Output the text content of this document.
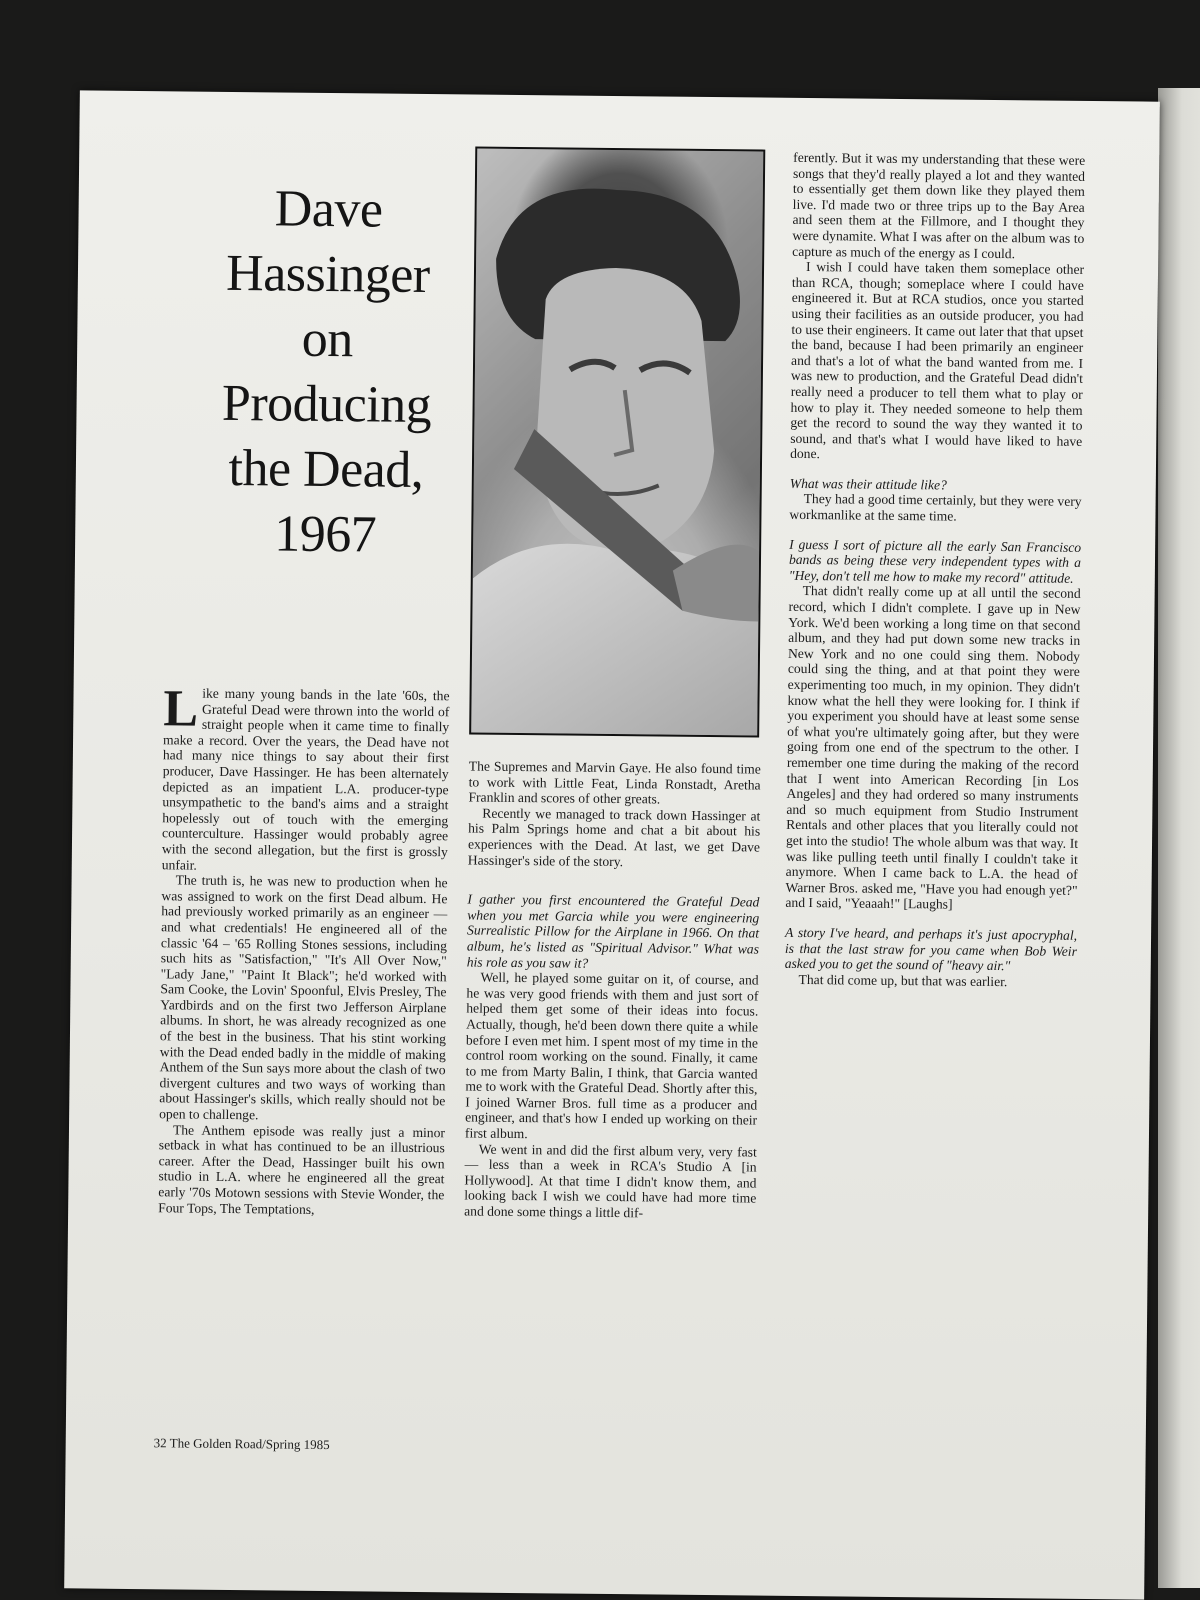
Dave
Hassinger
on
Producing
the Dead,
1967

Like many young bands in the late '60s, the Grateful Dead were thrown into the world of straight people when it came time to finally make a record. Over the years, the Dead have not had many nice things to say about their first producer, Dave Hassinger. He has been alternately depicted as an impatient L.A. producer-type unsympathetic to the band's aims and a straight hopelessly out of touch with the emerging counterculture. Hassinger would probably agree with the second allegation, but the first is grossly unfair.

The truth is, he was new to production when he was assigned to work on the first Dead album. He had previously worked primarily as an engineer — and what credentials! He engineered all of the classic '64 – '65 Rolling Stones sessions, including such hits as "Satisfaction," "It's All Over Now," "Lady Jane," "Paint It Black"; he'd worked with Sam Cooke, the Lovin' Spoonful, Elvis Presley, The Yardbirds and on the first two Jefferson Airplane albums. In short, he was already recognized as one of the best in the business. That his stint working with the Dead ended badly in the middle of making Anthem of the Sun says more about the clash of two divergent cultures and two ways of working than about Hassinger's skills, which really should not be open to challenge.

The Anthem episode was really just a minor setback in what has continued to be an illustrious career. After the Dead, Hassinger built his own studio in L.A. where he engineered all the great early '70s Motown sessions with Stevie Wonder, the Four Tops, The Temptations,

The Supremes and Marvin Gaye. He also found time to work with Little Feat, Linda Ronstadt, Aretha Franklin and scores of other greats.

Recently we managed to track down Hassinger at his Palm Springs home and chat a bit about his experiences with the Dead. At last, we get Dave Hassinger's side of the story.

I gather you first encountered the Grateful Dead when you met Garcia while you were engineering Surrealistic Pillow for the Airplane in 1966. On that album, he's listed as "Spiritual Advisor." What was his role as you saw it?

Well, he played some guitar on it, of course, and he was very good friends with them and just sort of helped them get some of their ideas into focus. Actually, though, he'd been down there quite a while before I even met him. I spent most of my time in the control room working on the sound. Finally, it came to me from Marty Balin, I think, that Garcia wanted me to work with the Grateful Dead. Shortly after this, I joined Warner Bros. full time as a producer and engineer, and that's how I ended up working on their first album.

We went in and did the first album very, very fast — less than a week in RCA's Studio A [in Hollywood]. At that time I didn't know them, and looking back I wish we could have had more time and done some things a little dif-

ferently. But it was my understanding that these were songs that they'd really played a lot and they wanted to essentially get them down like they played them live. I'd made two or three trips up to the Bay Area and seen them at the Fillmore, and I thought they were dynamite. What I was after on the album was to capture as much of the energy as I could.

I wish I could have taken them someplace other than RCA, though; someplace where I could have engineered it. But at RCA studios, once you started using their facilities as an outside producer, you had to use their engineers. It came out later that that upset the band, because I had been primarily an engineer and that's a lot of what the band wanted from me. I was new to production, and the Grateful Dead didn't really need a producer to tell them what to play or how to play it. They needed someone to help them get the record to sound the way they wanted it to sound, and that's what I would have liked to have done.

What was their attitude like?

They had a good time certainly, but they were very workmanlike at the same time.

I guess I sort of picture all the early San Francisco bands as being these very independent types with a "Hey, don't tell me how to make my record" attitude.

That didn't really come up at all until the second record, which I didn't complete. I gave up in New York. We'd been working a long time on that second album, and they had put down some new tracks in New York and no one could sing them. Nobody could sing the thing, and at that point they were experimenting too much, in my opinion. They didn't know what the hell they were looking for. I think if you experiment you should have at least some sense of what you're ultimately going after, but they were going from one end of the spectrum to the other. I remember one time during the making of the record that I went into American Recording [in Los Angeles] and they had ordered so many instruments and so much equipment from Studio Instrument Rentals and other places that you literally could not get into the studio! The whole album was that way. It was like pulling teeth until finally I couldn't take it anymore. When I came back to L.A. the head of Warner Bros. asked me, "Have you had enough yet?" and I said, "Yeaaah!" [Laughs]

A story I've heard, and perhaps it's just apocryphal, is that the last straw for you came when Bob Weir asked you to get the sound of "heavy air."

That did come up, but that was earlier.

32 The Golden Road/Spring 1985
